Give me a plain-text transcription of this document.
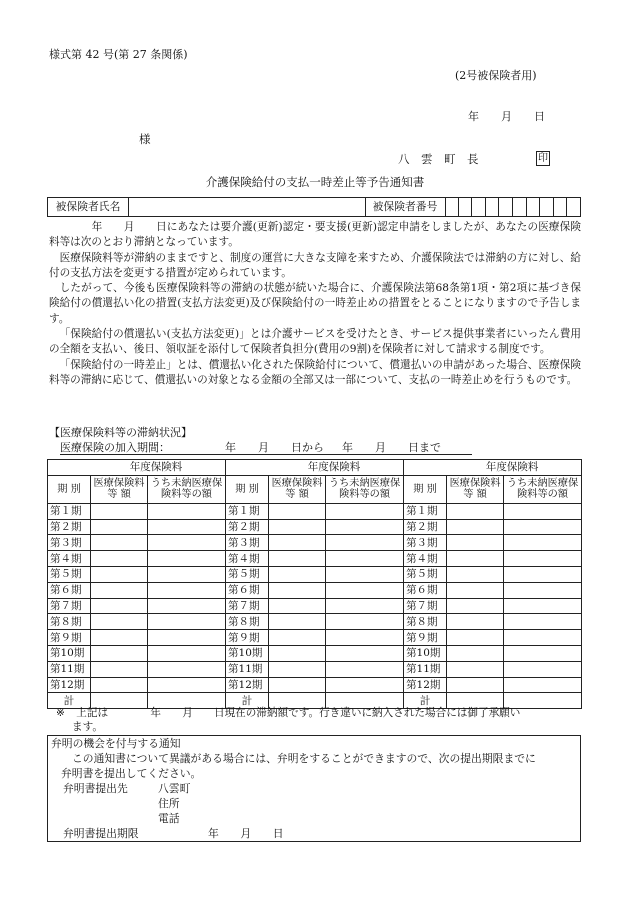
様式第 42 号(第 27 条関係)
(2号被保険者用)
年　　月　　日
様
八　雲　町　長	印
介護保険給付の支払一時差止等予告通知書
被保険者氏名	被保険者番号

　　年　　月　　日にあなたは要介護(更新)認定・要支援(更新)認定申請をしましたが、あなたの医療保険料等は次のとおり滞納となっています。

医療保険料等が滞納のままですと、制度の運営に大きな支障を来すため、介護保険法では滞納の方に対し、給付の支払方法を変更する措置が定められています。

したがって、今後も医療保険料等の滞納の状態が続いた場合に、介護保険法第68条第1項・第2項に基づき保険給付の償還払い化の措置(支払方法変更)及び保険給付の一時差止めの措置をとることになりますので予告します。

「保険給付の償還払い(支払方法変更)」とは介護サービスを受けたとき、サービス提供事業者にいったん費用の全額を支払い、後日、領収証を添付して保険者負担分(費用の9割)を保険者に対して請求する制度です。

「保険給付の一時差止」とは、償還払い化された保険給付について、償還払いの申請があった場合、医療保険料等の滞納に応じて、償還払いの対象となる金額の全部又は一部について、支払の一時差止めを行うものです。

【医療保険料等の滞納状況】
医療保険の加入期間：	年　　月　　日から 年　　月　　日まで
　　年度保険料	　　		年度保険料	　　		年度保険料		
期 別	医療保険料 等 額	うち未納医療保険料等の額	期 別	医療保険料 等 額	うち未納医療保険料等の額	期 別	医療保険料 等 額	うち未納医療保険料等の額
第１期			第１期			第１期		
第２期			第２期			第２期		
第３期			第３期			第３期		
第４期			第４期			第４期		
第５期			第５期			第５期		
第６期			第６期			第６期		
第７期			第７期			第７期		
第８期			第８期			第８期		
第９期			第９期			第９期		
第10期			第10期			第10期		
第11期			第11期			第11期		
第12期			第12期			第12期		
計			計			計		
※ 上記は　　　　年　　月　　日現在の滞納額です。行き違いに納入された場合には御了承願い
ます。
弁明の機会を付与する通知
この通知書について異議がある場合には、弁明をすることができますので、次の提出期限までに
弁明書を提出してください。
弁明書提出先	八雲町
住所
電話
弁明書提出期限	年　　月　　日
